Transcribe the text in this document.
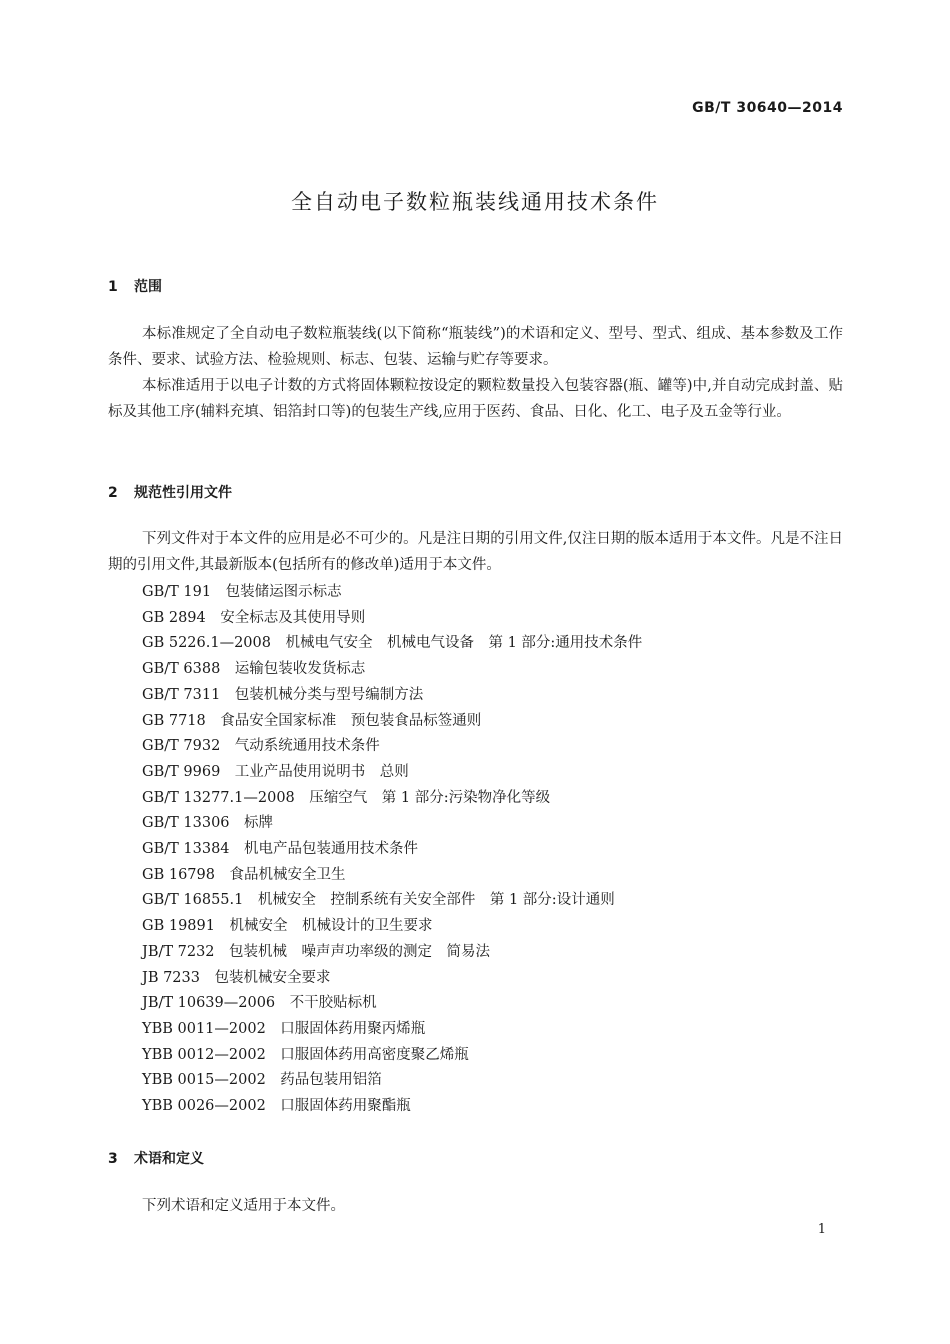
GB/T 30640—2014
全自动电子数粒瓶装线通用技术条件
1 范围

本标准规定了全自动电子数粒瓶装线(以下简称“瓶装线”)的术语和定义、型号、型式、组成、基本参数及工作条件、要求、试验方法、检验规则、标志、包装、运输与贮存等要求。

本标准适用于以电子计数的方式将固体颗粒按设定的颗粒数量投入包装容器(瓶、罐等)中,并自动完成封盖、贴标及其他工序(辅料充填、铝箔封口等)的包装生产线,应用于医药、食品、日化、化工、电子及五金等行业。

2 规范性引用文件

下列文件对于本文件的应用是必不可少的。凡是注日期的引用文件,仅注日期的版本适用于本文件。凡是不注日期的引用文件,其最新版本(包括所有的修改单)适用于本文件。

GB/T 191　包装储运图示标志
GB 2894　安全标志及其使用导则
GB 5226.1—2008　机械电气安全　机械电气设备　第 1 部分:通用技术条件
GB/T 6388　运输包装收发货标志
GB/T 7311　包装机械分类与型号编制方法
GB 7718　食品安全国家标准　预包装食品标签通则
GB/T 7932　气动系统通用技术条件
GB/T 9969　工业产品使用说明书　总则
GB/T 13277.1—2008　压缩空气　第 1 部分:污染物净化等级
GB/T 13306　标牌
GB/T 13384　机电产品包装通用技术条件
GB 16798　食品机械安全卫生
GB/T 16855.1　机械安全　控制系统有关安全部件　第 1 部分:设计通则
GB 19891　机械安全　机械设计的卫生要求
JB/T 7232　包装机械　噪声声功率级的测定　简易法
JB 7233　包装机械安全要求
JB/T 10639—2006　不干胶贴标机
YBB 0011—2002　口服固体药用聚丙烯瓶
YBB 0012—2002　口服固体药用高密度聚乙烯瓶
YBB 0015—2002　药品包装用铝箔
YBB 0026—2002　口服固体药用聚酯瓶
3 术语和定义

下列术语和定义适用于本文件。

1
